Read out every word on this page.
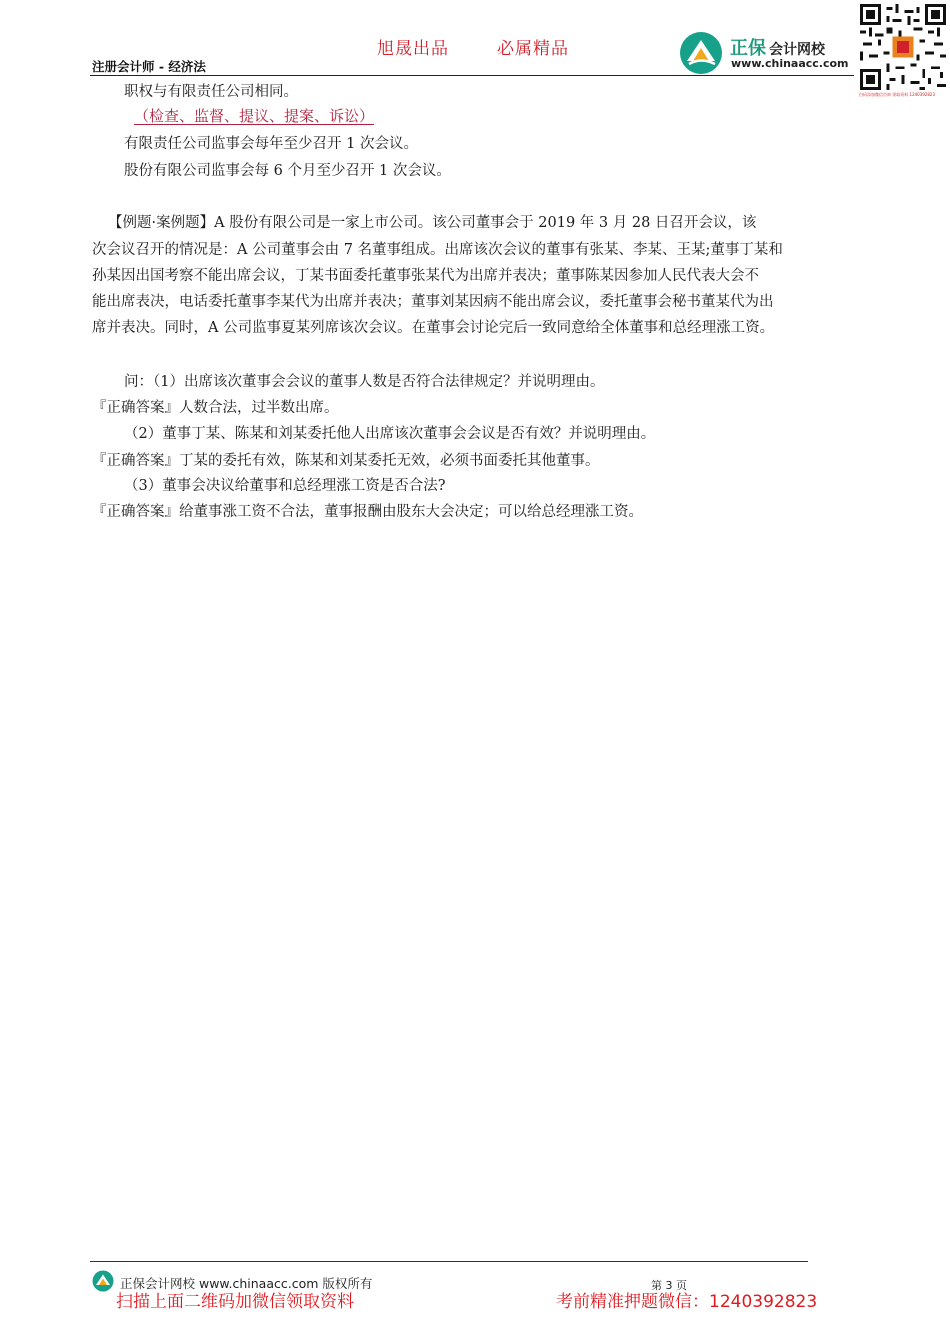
旭晟出品	必属精品
注册会计师 - 经济法
正保 会计网校
www.chinaacc.com
扫码添加微信咨询 领取资料 1240392823
职权与有限责任公司相同。
（检查、监督、提议、提案、诉讼）
有限责任公司监事会每年至少召开 1 次会议。
股份有限公司监事会每 6 个月至少召开 1 次会议。
【例题·案例题】A 股份有限公司是一家上市公司。该公司董事会于 2019 年 3 月 28 日召开会议，该
次会议召开的情况是：A 公司董事会由 7 名董事组成。出席该次会议的董事有张某、李某、王某;董事丁某和
孙某因出国考察不能出席会议，丁某书面委托董事张某代为出席并表决；董事陈某因参加人民代表大会不
能出席表决，电话委托董事李某代为出席并表决；董事刘某因病不能出席会议，委托董事会秘书董某代为出
席并表决。同时，A 公司监事夏某列席该次会议。在董事会讨论完后一致同意给全体董事和总经理涨工资。
问：（1）出席该次董事会会议的董事人数是否符合法律规定？并说明理由。
『正确答案』人数合法，过半数出席。
（2）董事丁某、陈某和刘某委托他人出席该次董事会会议是否有效？并说明理由。
『正确答案』丁某的委托有效，陈某和刘某委托无效，必须书面委托其他董事。
（3）董事会决议给董事和总经理涨工资是否合法?
『正确答案』给董事涨工资不合法，董事报酬由股东大会决定；可以给总经理涨工资。
正保会计网校 www.chinaacc.com 版权所有	第 3 页
扫描上面二维码加微信领取资料	考前精准押题微信：1240392823
